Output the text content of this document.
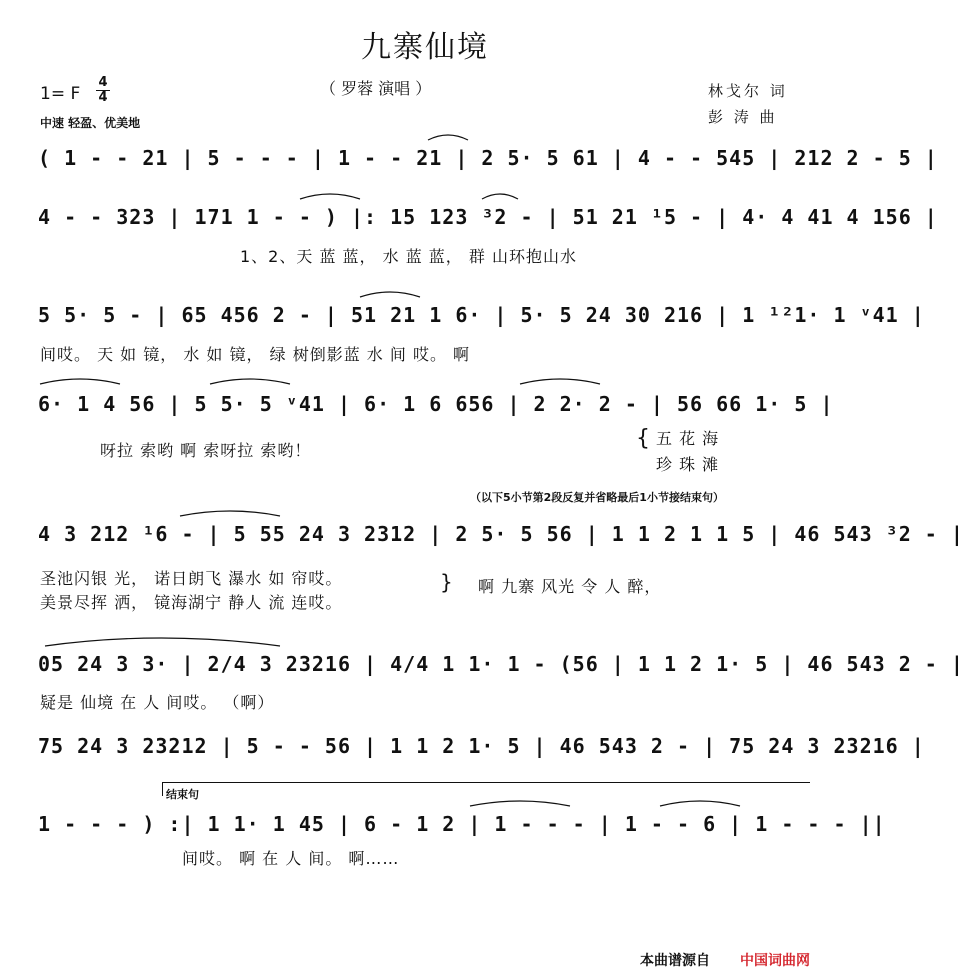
九寨仙境
（ 罗蓉 演唱 ）
1= F $\frac{4}{4}$
中速 轻盈、优美地
林戈尔 词
彭 涛 曲
( 1 - - 21 | 5 - - - | 1 - - 21 | 2 5· 5 61 | 4 - - 545 | 212 2 - 5 |
4 - - 323 | 171 1 - - ) |: 15 123 ³2 - | 51 21 ¹5 - | 4· 4 41 4 156 |
1、2、天 蓝 蓝， 水 蓝 蓝， 群 山环抱山水
5 5· 5 - | 65 456 2 - | 51 21 1 6· | 5· 5 24 30 216 | 1 ¹²1· 1 ᵛ41 |
间哎。 天 如 镜， 水 如 镜， 绿 树倒影蓝 水 间 哎。 啊
6· 1 4 56 | 5 5· 5 ᵛ41 | 6· 1 6 656 | 2 2· 2 - | 56 66 1· 5 |
呀拉 索哟 啊 索呀拉 索哟！	{ 五 花 海
珍 珠 滩
（以下5小节第2段反复并省略最后1小节接结束句）
4 3 212 ¹6 - | 5 55 24 3 2312 | 2 5· 5 56 | 1 1 2 1 1 5 | 46 543 ³2 - |
圣池闪银 光， 诺日朗飞 瀑水 如 帘哎。
美景尽挥 洒， 镜海湖宁 静人 流 连哎。
} 啊 九寨 风光 令 人 醉，
05 24 3 3· | 2/4 3 23216 | 4/4 1 1· 1 - (56 | 1 1 2 1· 5 | 46 543 2 - |
疑是 仙境 在 人 间哎。 （啊）
75 24 3 23212 | 5 - - 56 | 1 1 2 1· 5 | 46 543 2 - | 75 24 3 23216 |
结束句
1 - - - ) :| 1 1· 1 45 | 6 - 1 2 | 1 - - - | 1 - - 6 | 1 - - - ||
间哎。 啊 在 人 间。 啊……
本曲谱源自 中国词曲网
